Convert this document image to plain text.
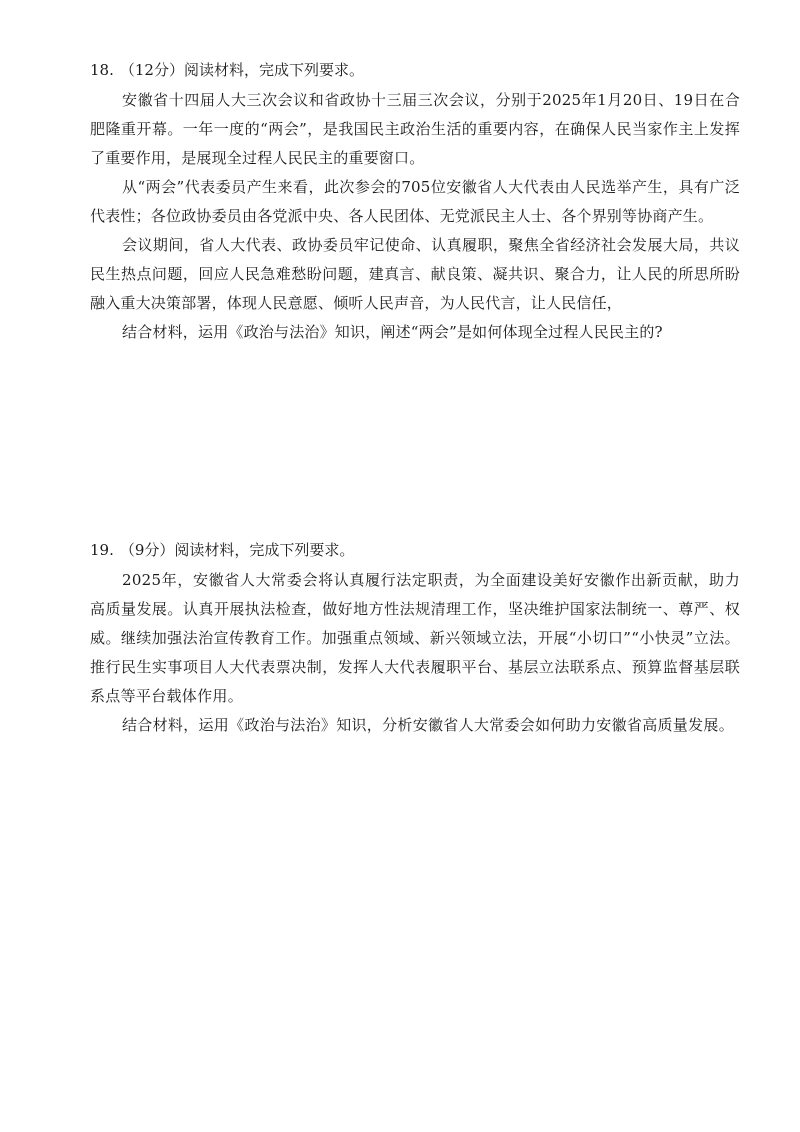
18. （12分）阅读材料，完成下列要求。

安徽省十四届人大三次会议和省政协十三届三次会议，分别于2025年1月20日、19日在合肥隆重开幕。一年一度的“两会”，是我国民主政治生活的重要内容，在确保人民当家作主上发挥了重要作用，是展现全过程人民民主的重要窗口。

从“两会”代表委员产生来看，此次参会的705位安徽省人大代表由人民选举产生，具有广泛代表性；各位政协委员由各党派中央、各人民团体、无党派民主人士、各个界别等协商产生。

会议期间，省人大代表、政协委员牢记使命、认真履职，聚焦全省经济社会发展大局，共议民生热点问题，回应人民急难愁盼问题，建真言、献良策、凝共识、聚合力，让人民的所思所盼融入重大决策部署，体现人民意愿、倾听人民声音，为人民代言，让人民信任，

结合材料，运用《政治与法治》知识，阐述“两会”是如何体现全过程人民民主的?

19. （9分）阅读材料，完成下列要求。

2025年，安徽省人大常委会将认真履行法定职责，为全面建设美好安徽作出新贡献，助力高质量发展。认真开展执法检查，做好地方性法规清理工作，坚决维护国家法制统一、尊严、权威。继续加强法治宣传教育工作。加强重点领域、新兴领域立法，开展“小切口”“小快灵”立法。推行民生实事项目人大代表票决制，发挥人大代表履职平台、基层立法联系点、预算监督基层联系点等平台载体作用。

结合材料，运用《政治与法治》知识，分析安徽省人大常委会如何助力安徽省高质量发展。
